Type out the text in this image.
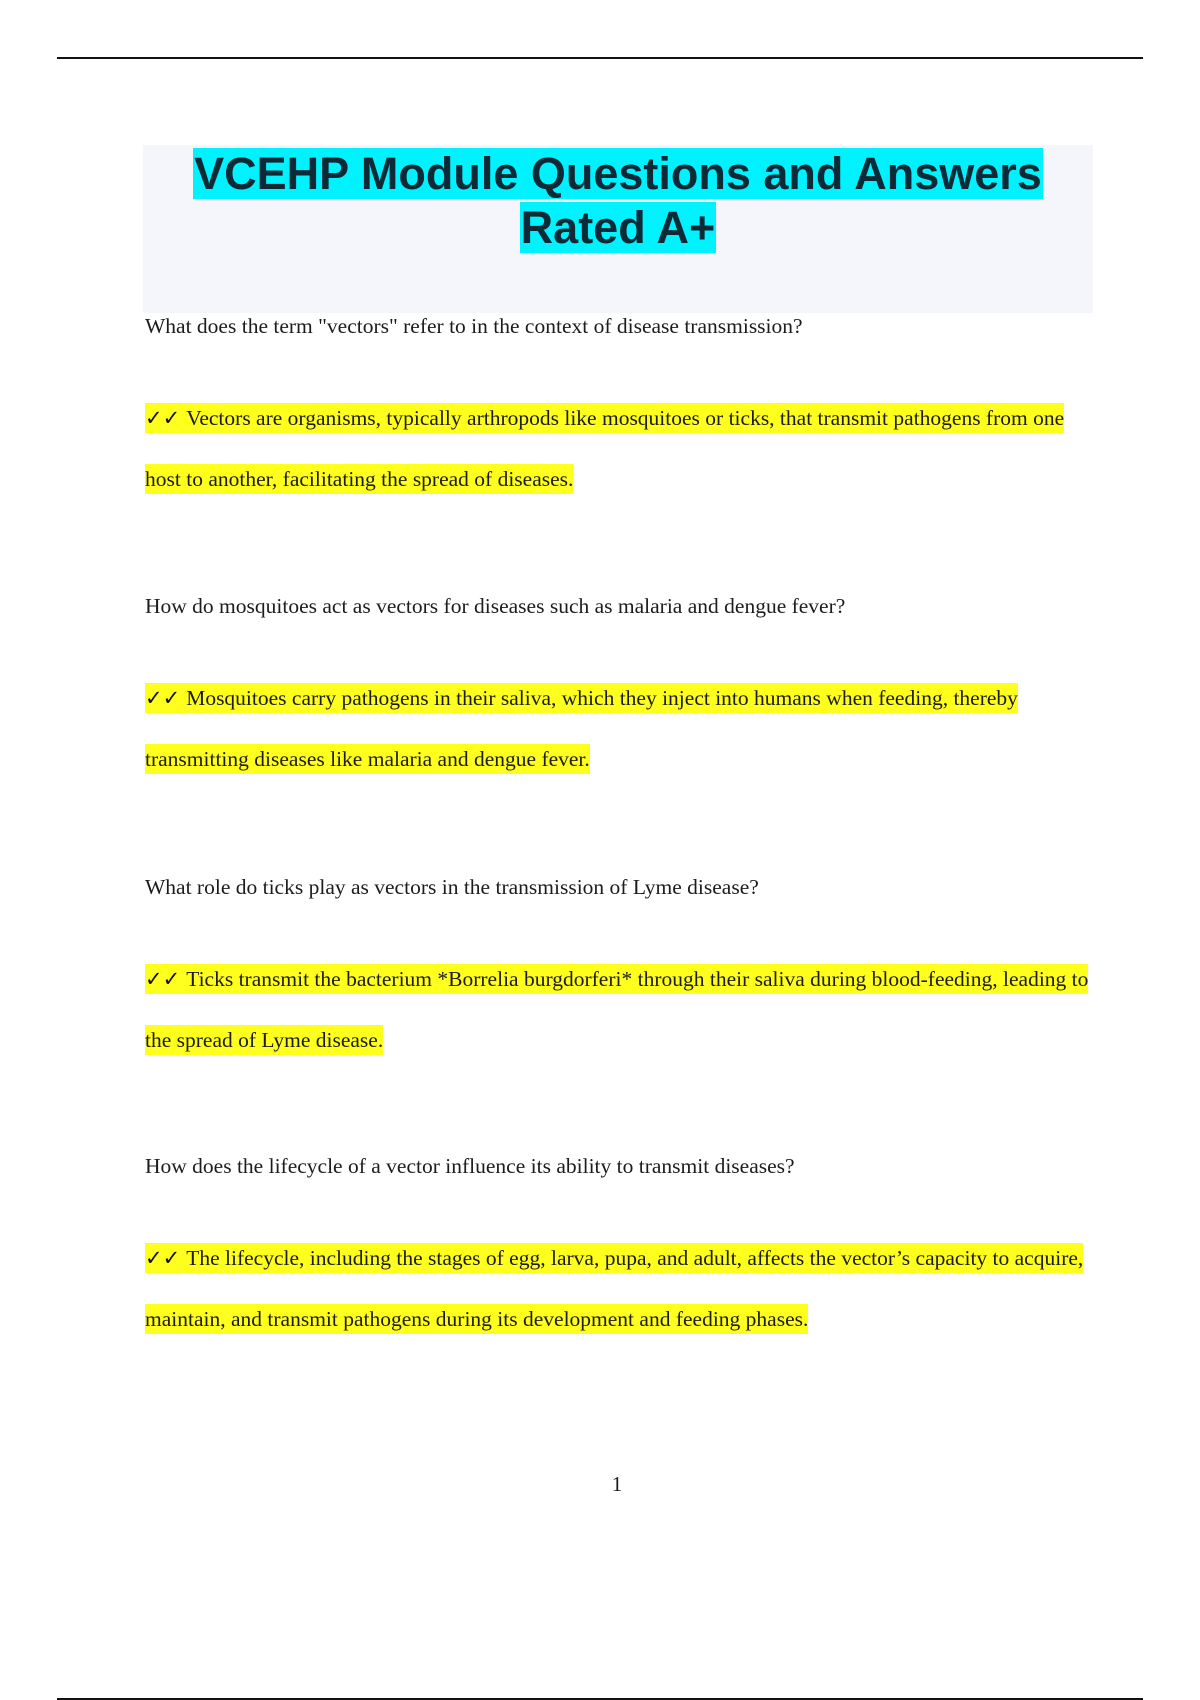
VCEHP Module Questions and Answers
Rated A+

What does the term "vectors" refer to in the context of disease transmission?

✓✓ Vectors are organisms, typically arthropods like mosquitoes or ticks, that transmit pathogens from one host to another, facilitating the spread of diseases.

How do mosquitoes act as vectors for diseases such as malaria and dengue fever?

✓✓ Mosquitoes carry pathogens in their saliva, which they inject into humans when feeding, thereby transmitting diseases like malaria and dengue fever.

What role do ticks play as vectors in the transmission of Lyme disease?

✓✓ Ticks transmit the bacterium *Borrelia burgdorferi* through their saliva during blood-feeding, leading to the spread of Lyme disease.

How does the lifecycle of a vector influence its ability to transmit diseases?

✓✓ The lifecycle, including the stages of egg, larva, pupa, and adult, affects the vector’s capacity to acquire, maintain, and transmit pathogens during its development and feeding phases.

1
